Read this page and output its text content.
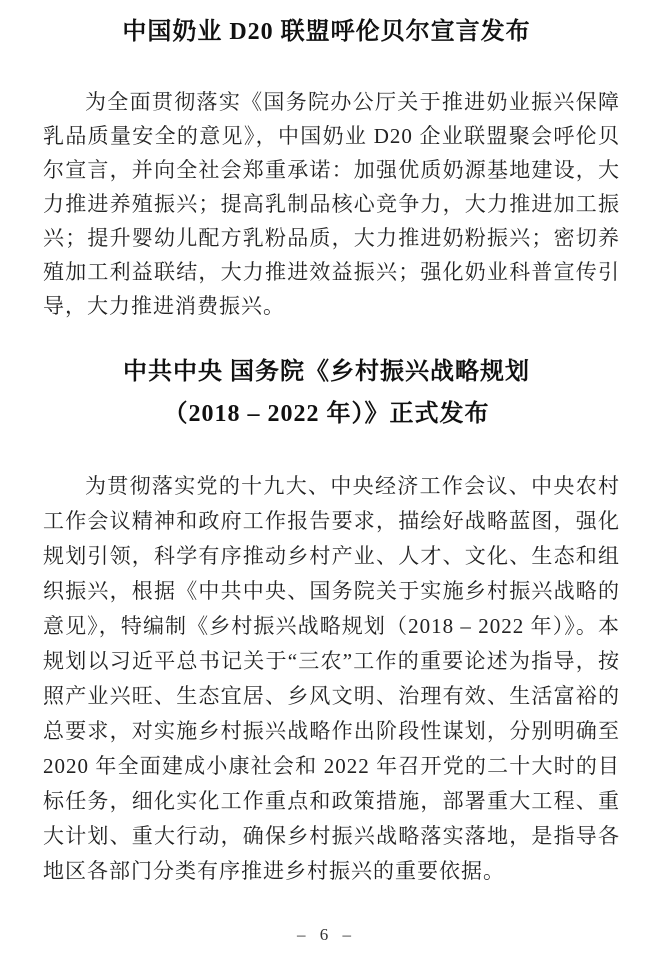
中国奶业 D20 联盟呼伦贝尔宣言发布

为全面贯彻落实《国务院办公厅关于推进奶业振兴保障乳品质量安全的意见》，中国奶业 D20 企业联盟聚会呼伦贝尔宣言，并向全社会郑重承诺：加强优质奶源基地建设，大力推进养殖振兴；提高乳制品核心竞争力，大力推进加工振兴；提升婴幼儿配方乳粉品质，大力推进奶粉振兴；密切养殖加工利益联结，大力推进效益振兴；强化奶业科普宣传引导，大力推进消费振兴。

中共中央 国务院《乡村振兴战略规划
（2018 – 2022 年）》正式发布

为贯彻落实党的十九大、中央经济工作会议、中央农村工作会议精神和政府工作报告要求，描绘好战略蓝图，强化规划引领，科学有序推动乡村产业、人才、文化、生态和组织振兴，根据《中共中央、国务院关于实施乡村振兴战略的意见》，特编制《乡村振兴战略规划（2018 – 2022 年）》。本规划以习近平总书记关于“三农”工作的重要论述为指导，按照产业兴旺、生态宜居、乡风文明、治理有效、生活富裕的总要求，对实施乡村振兴战略作出阶段性谋划，分别明确至 2020 年全面建成小康社会和 2022 年召开党的二十大时的目标任务，细化实化工作重点和政策措施，部署重大工程、重大计划、重大行动，确保乡村振兴战略落实落地，是指导各地区各部门分类有序推进乡村振兴的重要依据。

– 6 –
